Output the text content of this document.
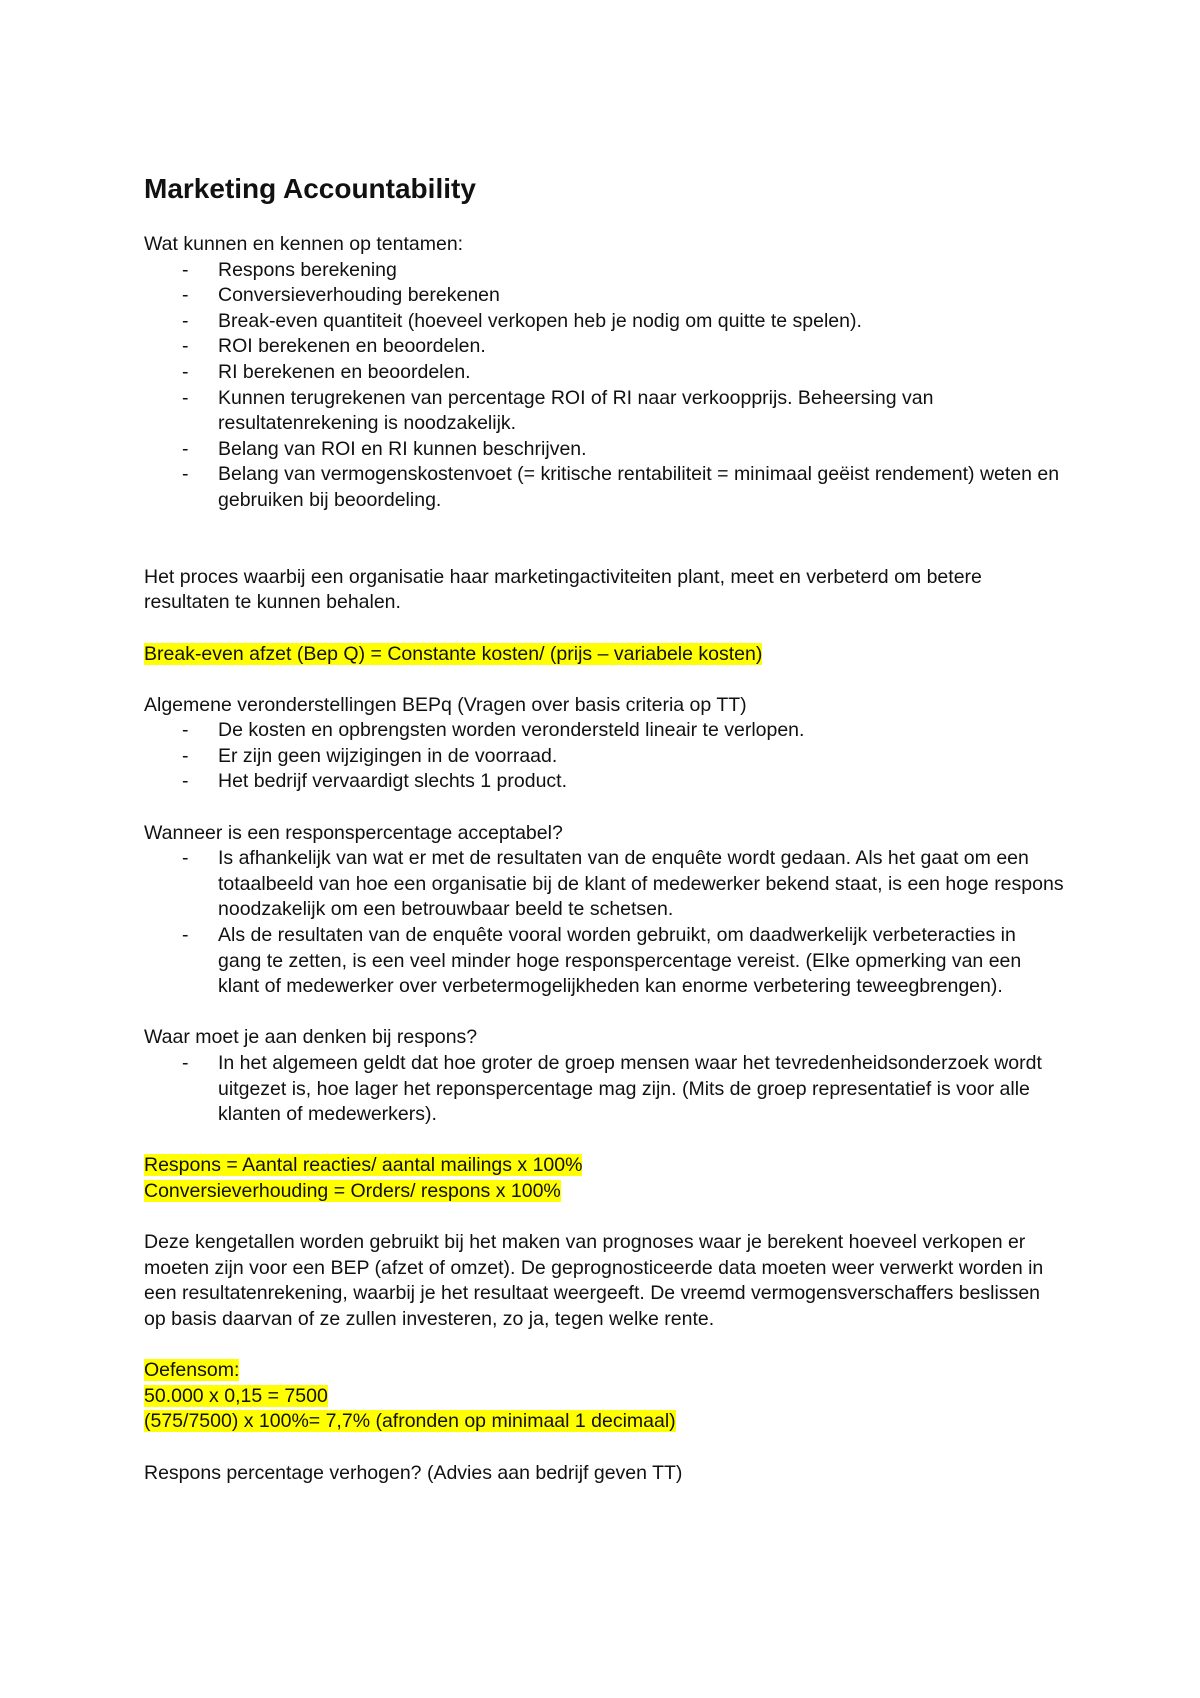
Marketing Accountability

Wat kunnen en kennen op tentamen:

- Respons berekening
- Conversieverhouding berekenen
- Break-even quantiteit (hoeveel verkopen heb je nodig om quitte te spelen).
- ROI berekenen en beoordelen.
- RI berekenen en beoordelen.
- Kunnen terugrekenen van percentage ROI of RI naar verkoopprijs. Beheersing van resultatenrekening is noodzakelijk.
- Belang van ROI en RI kunnen beschrijven.
- Belang van vermogenskostenvoet (= kritische rentabiliteit = minimaal geëist rendement) weten en gebruiken bij beoordeling.

Het proces waarbij een organisatie haar marketingactiviteiten plant, meet en verbeterd om betere resultaten te kunnen behalen.

Break-even afzet (Bep Q) = Constante kosten/ (prijs – variabele kosten)

Algemene veronderstellingen BEPq (Vragen over basis criteria op TT)

- De kosten en opbrengsten worden verondersteld lineair te verlopen.
- Er zijn geen wijzigingen in de voorraad.
- Het bedrijf vervaardigt slechts 1 product.

Wanneer is een responspercentage acceptabel?

- Is afhankelijk van wat er met de resultaten van de enquête wordt gedaan. Als het gaat om een totaalbeeld van hoe een organisatie bij de klant of medewerker bekend staat, is een hoge respons noodzakelijk om een betrouwbaar beeld te schetsen.
- Als de resultaten van de enquête vooral worden gebruikt, om daadwerkelijk verbeteracties in gang te zetten, is een veel minder hoge responspercentage vereist. (Elke opmerking van een klant of medewerker over verbetermogelijkheden kan enorme verbetering teweegbrengen).

Waar moet je aan denken bij respons?

- In het algemeen geldt dat hoe groter de groep mensen waar het tevredenheidsonderzoek wordt uitgezet is, hoe lager het reponspercentage mag zijn. (Mits de groep representatief is voor alle klanten of medewerkers).

Respons = Aantal reacties/ aantal mailings x 100%

Conversieverhouding = Orders/ respons x 100%

Deze kengetallen worden gebruikt bij het maken van prognoses waar je berekent hoeveel verkopen er moeten zijn voor een BEP (afzet of omzet). De geprognosticeerde data moeten weer verwerkt worden in een resultatenrekening, waarbij je het resultaat weergeeft. De vreemd vermogensverschaffers beslissen op basis daarvan of ze zullen investeren, zo ja, tegen welke rente.

Oefensom:

50.000 x 0,15 = 7500

(575/7500) x 100%= 7,7% (afronden op minimaal 1 decimaal)

Respons percentage verhogen? (Advies aan bedrijf geven TT)
